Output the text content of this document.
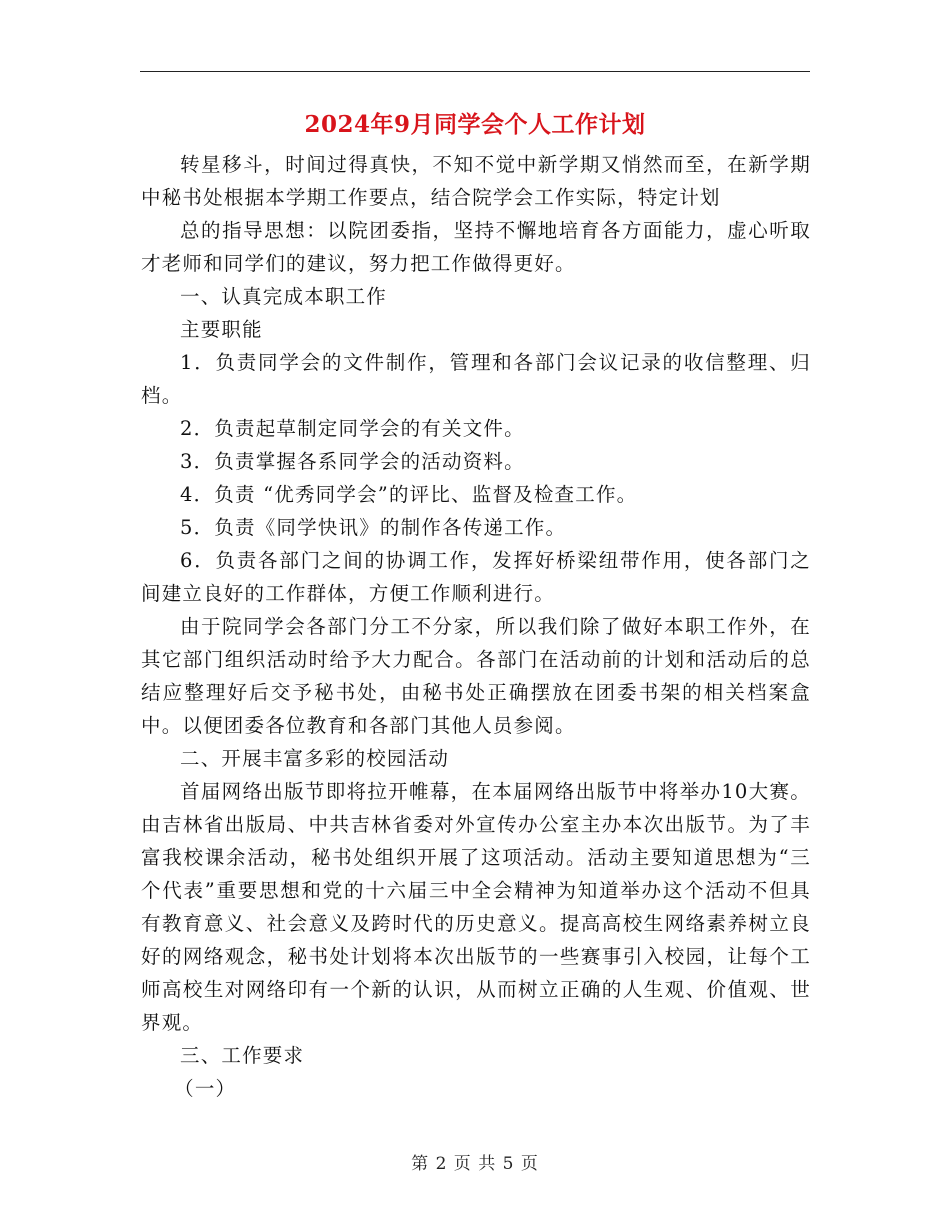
2024年9月同学会个人工作计划

转星移斗，时间过得真快，不知不觉中新学期又悄然而至，在新学期中秘书处根据本学期工作要点，结合院学会工作实际，特定计划

总的指导思想：以院团委指，坚持不懈地培育各方面能力，虚心听取才老师和同学们的建议，努力把工作做得更好。

一、认真完成本职工作

主要职能

1．负责同学会的文件制作，管理和各部门会议记录的收信整理、归档。

2．负责起草制定同学会的有关文件。

3．负责掌握各系同学会的活动资料。

4．负责 “优秀同学会”的评比、监督及检查工作。

5．负责《同学快讯》的制作各传递工作。

6．负责各部门之间的协调工作，发挥好桥梁纽带作用，使各部门之间建立良好的工作群体，方便工作顺利进行。

由于院同学会各部门分工不分家，所以我们除了做好本职工作外，在其它部门组织活动时给予大力配合。各部门在活动前的计划和活动后的总结应整理好后交予秘书处，由秘书处正确摆放在团委书架的相关档案盒中。以便团委各位教育和各部门其他人员参阅。

二、开展丰富多彩的校园活动

首届网络出版节即将拉开帷幕，在本届网络出版节中将举办10大赛。由吉林省出版局、中共吉林省委对外宣传办公室主办本次出版节。为了丰富我校课余活动，秘书处组织开展了这项活动。活动主要知道思想为“三个代表”重要思想和党的十六届三中全会精神为知道举办这个活动不但具有教育意义、社会意义及跨时代的历史意义。提高高校生网络素养树立良好的网络观念，秘书处计划将本次出版节的一些赛事引入校园，让每个工师高校生对网络印有一个新的认识，从而树立正确的人生观、价值观、世界观。

三、工作要求

（一）

第 2 页 共 5 页
